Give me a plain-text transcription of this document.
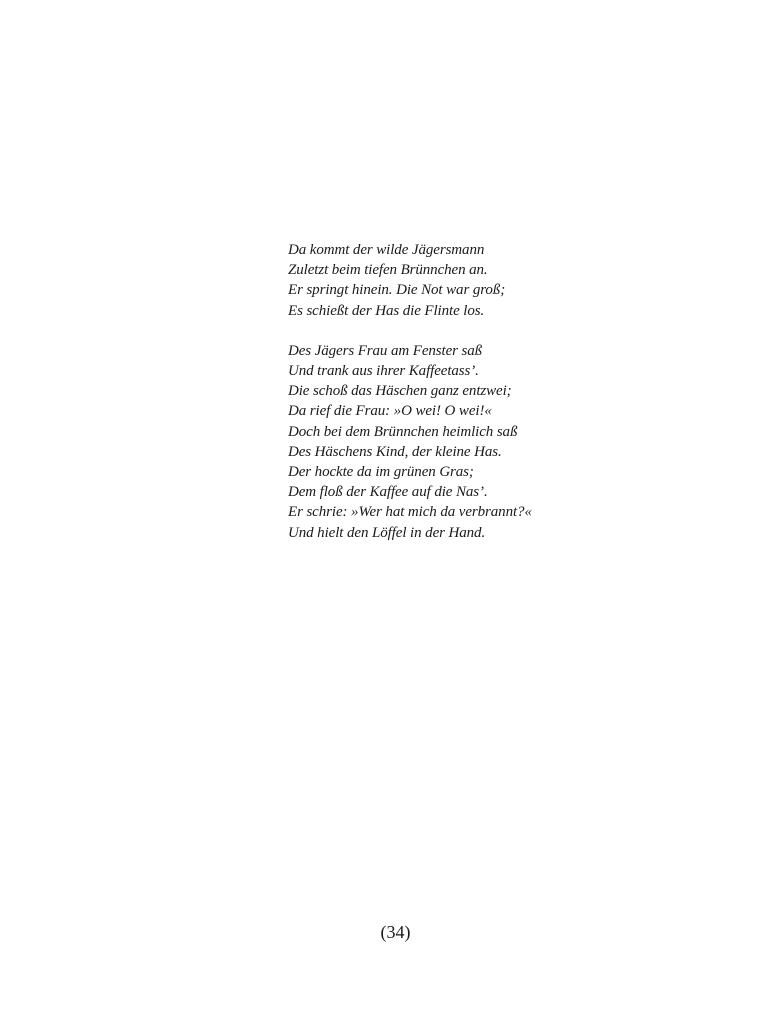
Da kommt der wilde Jägersmann
Zuletzt beim tiefen Brünnchen an.
Er springt hinein. Die Not war groß;
Es schießt der Has die Flinte los.

Des Jägers Frau am Fenster saß
Und trank aus ihrer Kaffeetass’.
Die schoß das Häschen ganz entzwei;
Da rief die Frau: »O wei! O wei!«
Doch bei dem Brünnchen heimlich saß
Des Häschens Kind, der kleine Has.
Der hockte da im grünen Gras;
Dem floß der Kaffee auf die Nas’.
Er schrie: »Wer hat mich da verbrannt?«
Und hielt den Löffel in der Hand.

(34)
